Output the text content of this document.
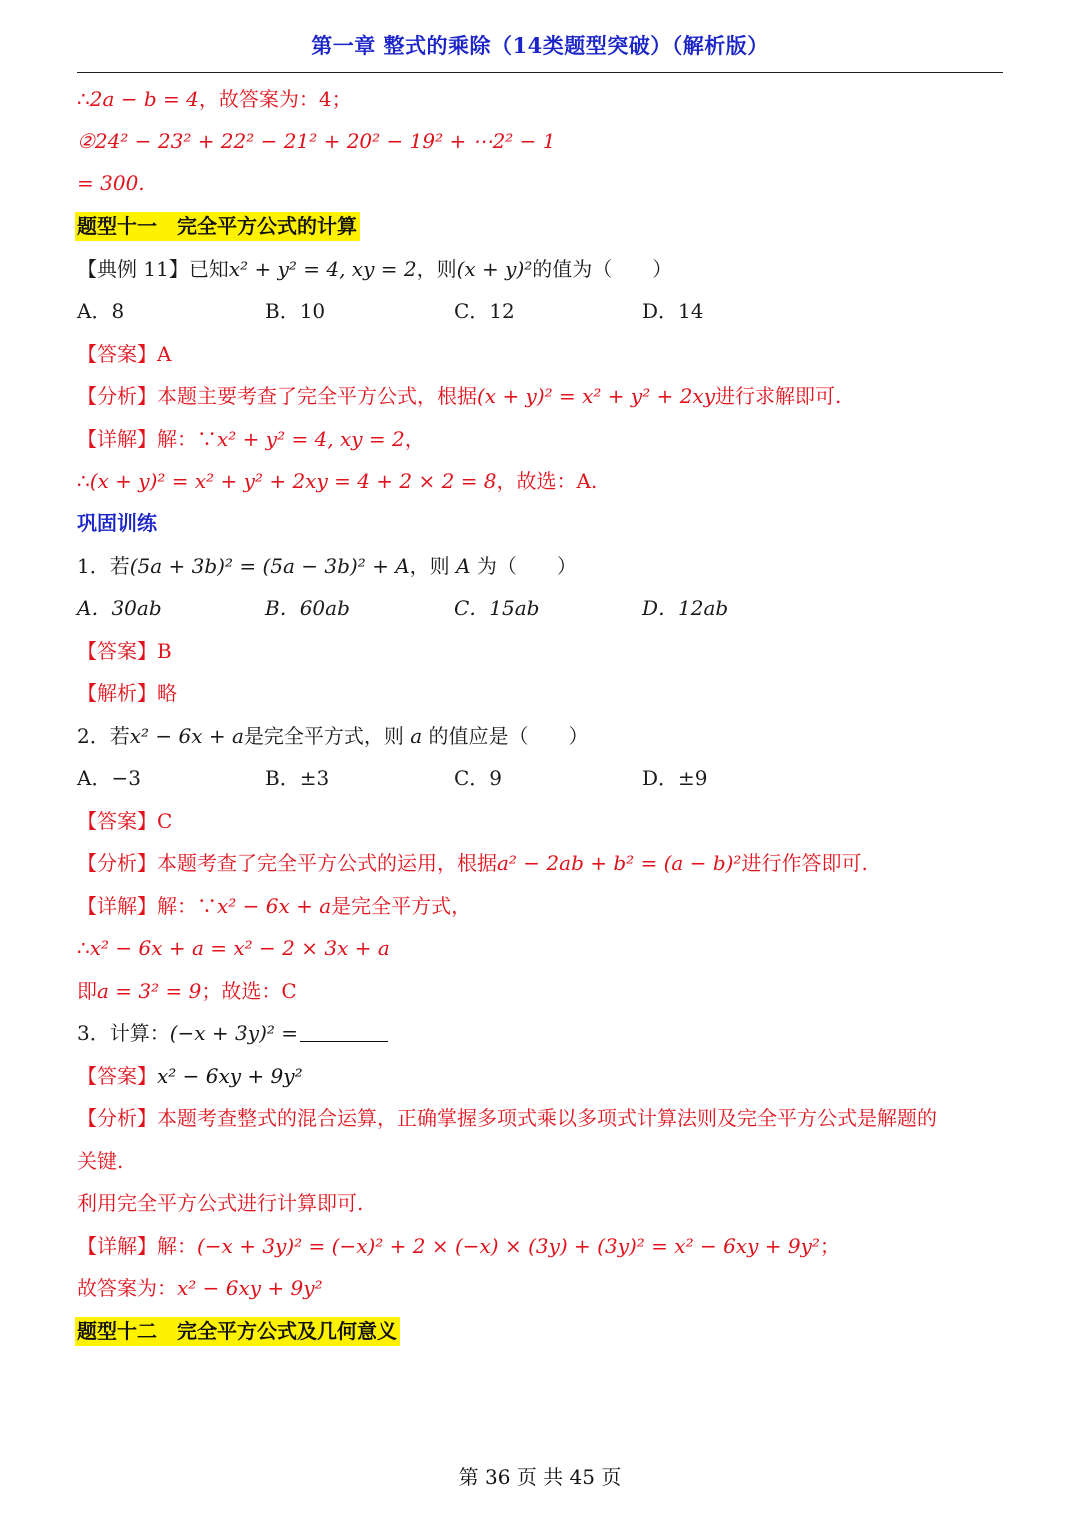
第一章 整式的乘除（14类题型突破）（解析版）
∴2a − b = 4，故答案为：4；
②24² − 23² + 22² − 21² + 20² − 19² + ⋯2² − 1
= 300.
题型十一　完全平方公式的计算
【典例 11】已知x² + y² = 4, xy = 2，则(x + y)²的值为（　　）
A．8	B．10	C．12	D．14
【答案】A
【分析】本题主要考查了完全平方公式，根据(x + y)² = x² + y² + 2xy进行求解即可.
【详解】解：∵x² + y² = 4, xy = 2，
∴(x + y)² = x² + y² + 2xy = 4 + 2 × 2 = 8，故选：A.
巩固训练
1．若(5a + 3b)² = (5a − 3b)² + A，则 A 为（　　）
A．30ab	B．60ab	C．15ab	D．12ab
【答案】B
【解析】略
2．若x² − 6x + a是完全平方式，则 a 的值应是（　　）
A．−3	B．±3	C．9	D．±9
【答案】C
【分析】本题考查了完全平方公式的运用，根据a² − 2ab + b² = (a − b)²进行作答即可.
【详解】解：∵x² − 6x + a是完全平方式，
∴x² − 6x + a = x² − 2 × 3x + a
即a = 3² = 9；故选：C
3．计算：(−x + 3y)² =
【答案】x² − 6xy + 9y²
【分析】本题考查整式的混合运算，正确掌握多项式乘以多项式计算法则及完全平方公式是解题的
关键.
利用完全平方公式进行计算即可.
【详解】解：(−x + 3y)² = (−x)² + 2 × (−x) × (3y) + (3y)² = x² − 6xy + 9y²；
故答案为：x² − 6xy + 9y²
题型十二　完全平方公式及几何意义
第 36 页 共 45 页
